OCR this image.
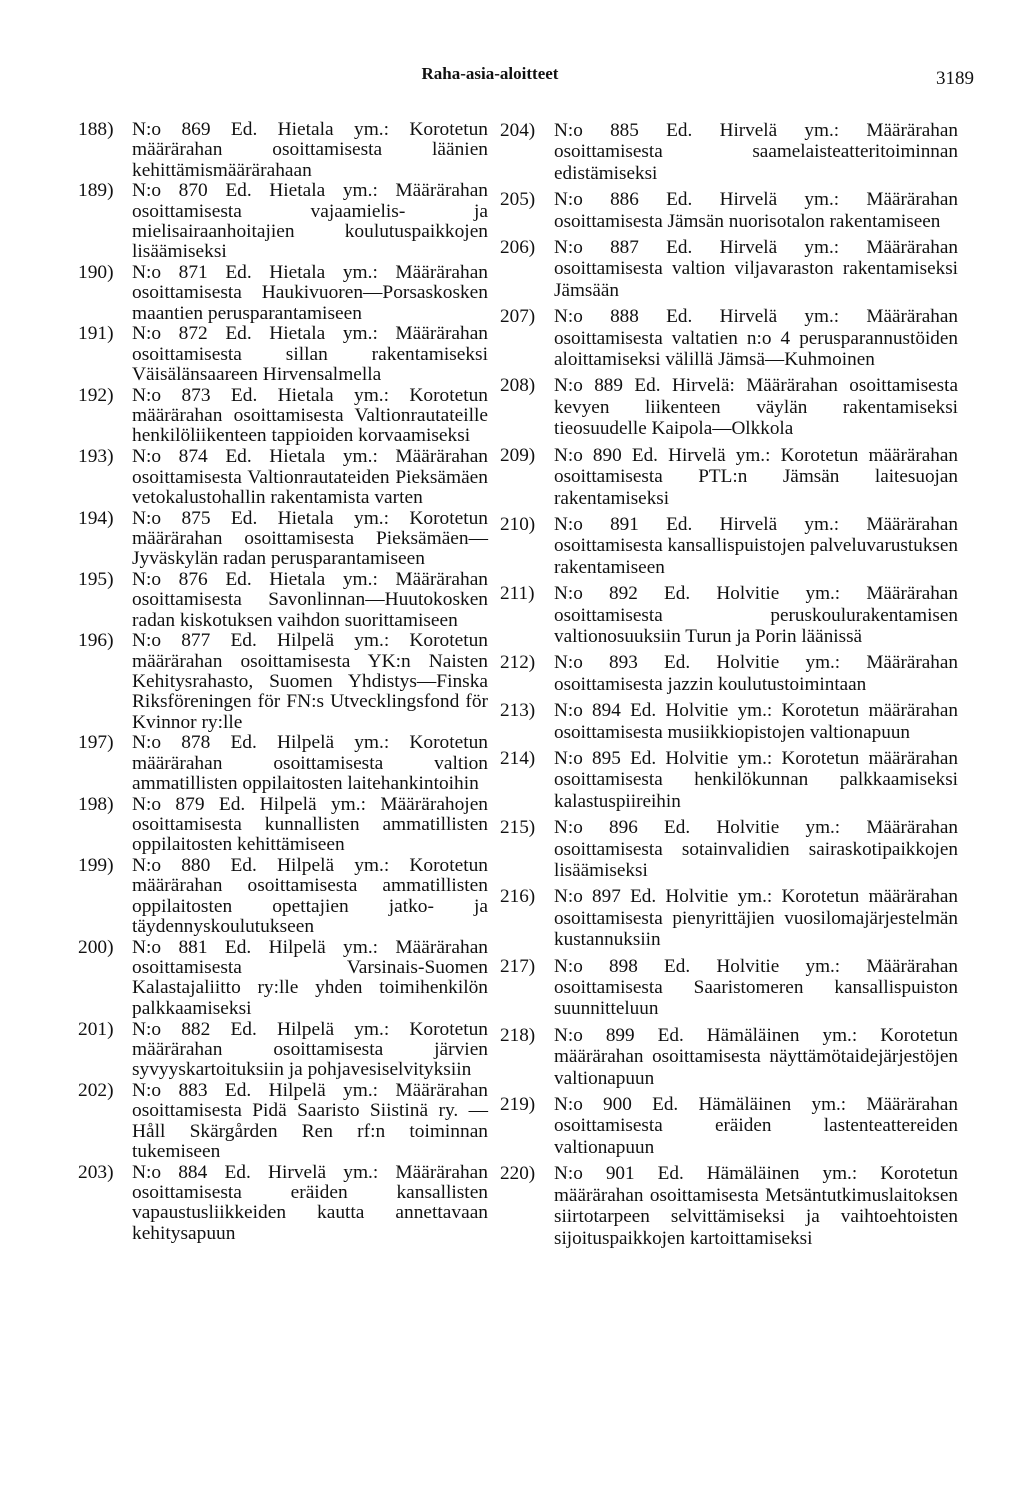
Raha-asia-aloitteet	3189
188) N:o 869 Ed. Hietala ym.: Korotetun määrärahan osoittamisesta läänien kehittämismäärärahaan
189) N:o 870 Ed. Hietala ym.: Määrärahan osoittamisesta vajaamielis- ja mielisairaanhoitajien koulutuspaikkojen lisäämiseksi
190) N:o 871 Ed. Hietala ym.: Määrärahan osoittamisesta Haukivuoren—Porsaskosken maantien perusparantamiseen
191) N:o 872 Ed. Hietala ym.: Määrärahan osoittamisesta sillan rakentamiseksi Väisälänsaareen Hirvensalmella
192) N:o 873 Ed. Hietala ym.: Korotetun määrärahan osoittamisesta Valtionrautateille henkilöliikenteen tappioiden korvaamiseksi
193) N:o 874 Ed. Hietala ym.: Määrärahan osoittamisesta Valtionrautateiden Pieksämäen vetokalustohallin rakentamista varten
194) N:o 875 Ed. Hietala ym.: Korotetun määrärahan osoittamisesta Pieksämäen—Jyväskylän radan perusparantamiseen
195) N:o 876 Ed. Hietala ym.: Määrärahan osoittamisesta Savonlinnan—Huutokosken radan kiskotuksen vaihdon suorittamiseen
196) N:o 877 Ed. Hilpelä ym.: Korotetun määrärahan osoittamisesta YK:n Naisten Kehitysrahasto, Suomen Yhdistys—Finska Riksföreningen för FN:s Utvecklingsfond för Kvinnor ry:lle
197) N:o 878 Ed. Hilpelä ym.: Korotetun määrärahan osoittamisesta valtion ammatillisten oppilaitosten laitehankintoihin
198) N:o 879 Ed. Hilpelä ym.: Määrärahojen osoittamisesta kunnallisten ammatillisten oppilaitosten kehittämiseen
199) N:o 880 Ed. Hilpelä ym.: Korotetun määrärahan osoittamisesta ammatillisten oppilaitosten opettajien jatko- ja täydennyskoulutukseen
200) N:o 881 Ed. Hilpelä ym.: Määrärahan osoittamisesta Varsinais-Suomen Kalastajaliitto ry:lle yhden toimihenkilön palkkaamiseksi
201) N:o 882 Ed. Hilpelä ym.: Korotetun määrärahan osoittamisesta järvien syvyyskartoituksiin ja pohjavesiselvityksiin
202) N:o 883 Ed. Hilpelä ym.: Määrärahan osoittamisesta Pidä Saaristo Siistinä ry. — Håll Skärgården Ren rf:n toiminnan tukemiseen
203) N:o 884 Ed. Hirvelä ym.: Määrärahan osoittamisesta eräiden kansallisten vapaustusliikkeiden kautta annettavaan kehitysapuun
204) N:o 885 Ed. Hirvelä ym.: Määrärahan osoittamisesta saamelaisteatteritoiminnan edistämiseksi
205) N:o 886 Ed. Hirvelä ym.: Määrärahan osoittamisesta Jämsän nuorisotalon rakentamiseen
206) N:o 887 Ed. Hirvelä ym.: Määrärahan osoittamisesta valtion viljavaraston rakentamiseksi Jämsään
207) N:o 888 Ed. Hirvelä ym.: Määrärahan osoittamisesta valtatien n:o 4 perusparannustöiden aloittamiseksi välillä Jämsä—Kuhmoinen
208) N:o 889 Ed. Hirvelä: Määrärahan osoittamisesta kevyen liikenteen väylän rakentamiseksi tieosuudelle Kaipola—Olkkola
209) N:o 890 Ed. Hirvelä ym.: Korotetun määrärahan osoittamisesta PTL:n Jämsän laitesuojan rakentamiseksi
210) N:o 891 Ed. Hirvelä ym.: Määrärahan osoittamisesta kansallispuistojen palveluvarustuksen rakentamiseen
211) N:o 892 Ed. Holvitie ym.: Määrärahan osoittamisesta peruskoulurakentamisen valtionosuuksiin Turun ja Porin läänissä
212) N:o 893 Ed. Holvitie ym.: Määrärahan osoittamisesta jazzin koulutustoimintaan
213) N:o 894 Ed. Holvitie ym.: Korotetun määrärahan osoittamisesta musiikkiopistojen valtionapuun
214) N:o 895 Ed. Holvitie ym.: Korotetun määrärahan osoittamisesta henkilökunnan palkkaamiseksi kalastuspiireihin
215) N:o 896 Ed. Holvitie ym.: Määrärahan osoittamisesta sotainvalidien sairaskotipaikkojen lisäämiseksi
216) N:o 897 Ed. Holvitie ym.: Korotetun määrärahan osoittamisesta pienyrittäjien vuosilomajärjestelmän kustannuksiin
217) N:o 898 Ed. Holvitie ym.: Määrärahan osoittamisesta Saaristomeren kansallispuiston suunnitteluun
218) N:o 899 Ed. Hämäläinen ym.: Korotetun määrärahan osoittamisesta näyttämötaidejärjestöjen valtionapuun
219) N:o 900 Ed. Hämäläinen ym.: Määrärahan osoittamisesta eräiden lastenteattereiden valtionapuun
220) N:o 901 Ed. Hämäläinen ym.: Korotetun määrärahan osoittamisesta Metsäntutkimuslaitoksen siirtotarpeen selvittämiseksi ja vaihtoehtoisten sijoituspaikkojen kartoittamiseksi
